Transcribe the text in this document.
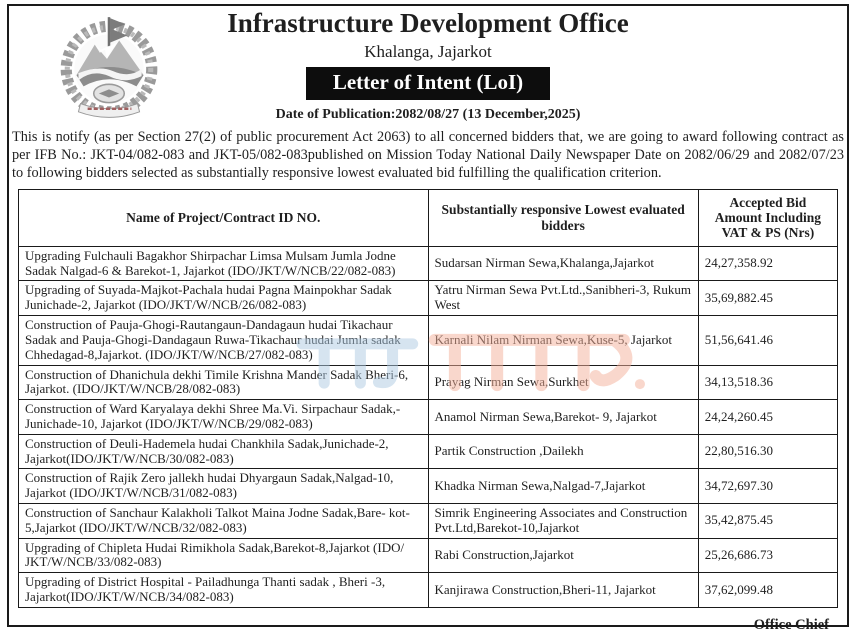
Infrastructure Development Office
Khalanga, Jajarkot
Letter of Intent (LoI)
Date of Publication:2082/08/27 (13 December,2025)

This is notify (as per Section 27(2) of public procurement Act 2063) to all concerned bidders that, we are going to award following contract as per IFB No.: JKT-04/082-083 and JKT-05/082-083published on Mission Today National Daily Newspaper Date on 2082/06/29 and 2082/07/23 to following bidders selected as substantially responsive lowest evaluated bid fulfilling the qualification criterion.

Name of Project/Contract ID NO.	Substantially responsive Lowest evaluated bidders	Accepted Bid Amount Including VAT & PS (Nrs)
Upgrading Fulchauli Bagakhor Shirpachar Limsa Mulsam Jumla Jodne Sadak Nalgad-6 & Barekot-1, Jajarkot (IDO/JKT/W/NCB/22/082-083)	Sudarsan Nirman Sewa,Khalanga,Jajarkot	24,27,358.92
Upgrading of Suyada-Majkot-Pachala hudai Pagna Mainpokhar Sadak Junichade-2, Jajarkot (IDO/JKT/W/NCB/26/082-083)	Yatru Nirman Sewa Pvt.Ltd.,Sanibheri-3, Rukum West	35,69,882.45
Construction of Pauja-Ghogi-Rautangaun-Dandagaun hudai Tikachaur Sadak and Pauja-Ghogi-Dandagaun Ruwa-Tikachaur hudai Jumla sadak Chhedagad-8,Jajarkot. (IDO/JKT/W/NCB/27/082-083)	Karnali Nilam Nirman Sewa,Kuse-5, Jajarkot	51,56,641.46
Construction of Dhanichula dekhi Timile Krishna Mander Sadak Bheri-6, Jajarkot. (IDO/JKT/W/NCB/28/082-083)	Prayag Nirman Sewa,Surkhet	34,13,518.36
Construction of Ward Karyalaya dekhi Shree Ma.Vi. Sirpachaur Sadak,- Junichade-10, Jajarkot (IDO/JKT/W/NCB/29/082-083)	Anamol Nirman Sewa,Barekot- 9, Jajarkot	24,24,260.45
Construction of Deuli-Hademela hudai Chankhila Sadak,Junichade-2, Jajarkot(IDO/JKT/W/NCB/30/082-083)	Partik Construction ,Dailekh	22,80,516.30
Construction of Rajik Zero jallekh hudai Dhyargaun Sadak,Nalgad-10, Jajarkot (IDO/JKT/W/NCB/31/082-083)	Khadka Nirman Sewa,Nalgad-7,Jajarkot	34,72,697.30
Construction of Sanchaur Kalakholi Talkot Maina Jodne Sadak,Bare- kot-5,Jajarkot (IDO/JKT/W/NCB/32/082-083)	Simrik Engineering Associates and Construction Pvt.Ltd,Barekot-10,Jajarkot	35,42,875.45
Upgrading of Chipleta Hudai Rimikhola Sadak,Barekot-8,Jajarkot (IDO/ JKT/W/NCB/33/082-083)	Rabi Construction,Jajarkot	25,26,686.73
Upgrading of District Hospital - Pailadhunga Thanti sadak , Bheri -3, Jajarkot(IDO/JKT/W/NCB/34/082-083)	Kanjirawa Construction,Bheri-11, Jajarkot	37,62,099.48
Office Chief
